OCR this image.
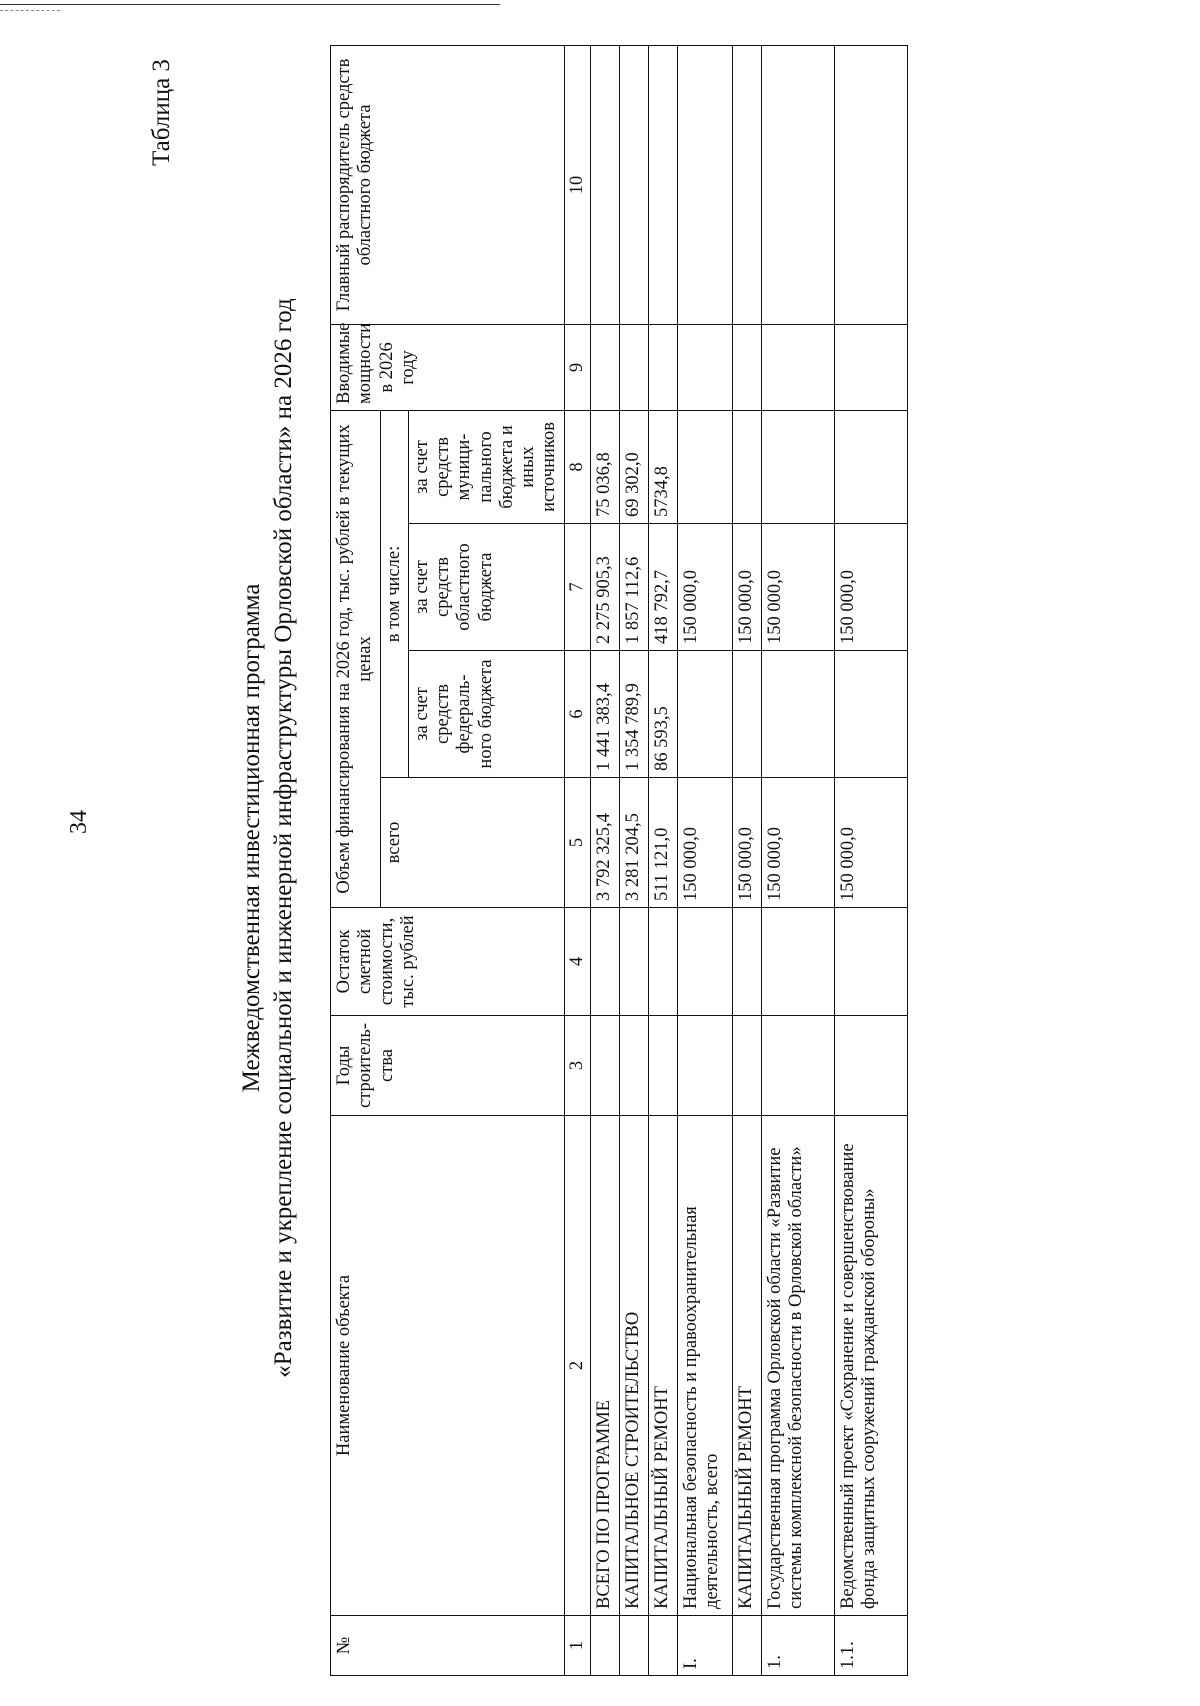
34
Таблица 3
Межведомственная инвестиционная программа «Развитие и укрепление социальной и инженерной инфраструктуры Орловской области» на 2026 год
№	Наименование объекта	Годы строитель-ства	Остаток сметной стоимости, тыс. рублей	Объем финансирования на 2026 год, тыс. рублей в текущих ценах				Вводимые мощности в 2026 году	Главный распорядитель средств областного бюджета
				всего	в том числе:				
					за счет средств федераль-ного бюджета	за счет средств областного бюджета	за счет средств муници-пального бюджета и иных источников		
1	2	3	4	5	6	7	8	9	10
	ВСЕГО ПО ПРОГРАММЕ			3 792 325,4	1 441 383,4	2 275 905,3	75 036,8		
	КАПИТАЛЬНОЕ СТРОИТЕЛЬСТВО			3 281 204,5	1 354 789,9	1 857 112,6	69 302,0		
	КАПИТАЛЬНЫЙ РЕМОНТ			511 121,0	86 593,5	418 792,7	5734,8		
I.	Национальная безопасность и правоохранительная деятельность, всего			150 000,0		150 000,0			
	КАПИТАЛЬНЫЙ РЕМОНТ			150 000,0		150 000,0			
1.	Государственная программа Орловской области «Развитие системы комплексной безопасности в Орловской области»			150 000,0		150 000,0			
1.1.	Ведомственный проект «Сохранение и совершенствование фонда защитных сооружений гражданской обороны»			150 000,0		150 000,0			
